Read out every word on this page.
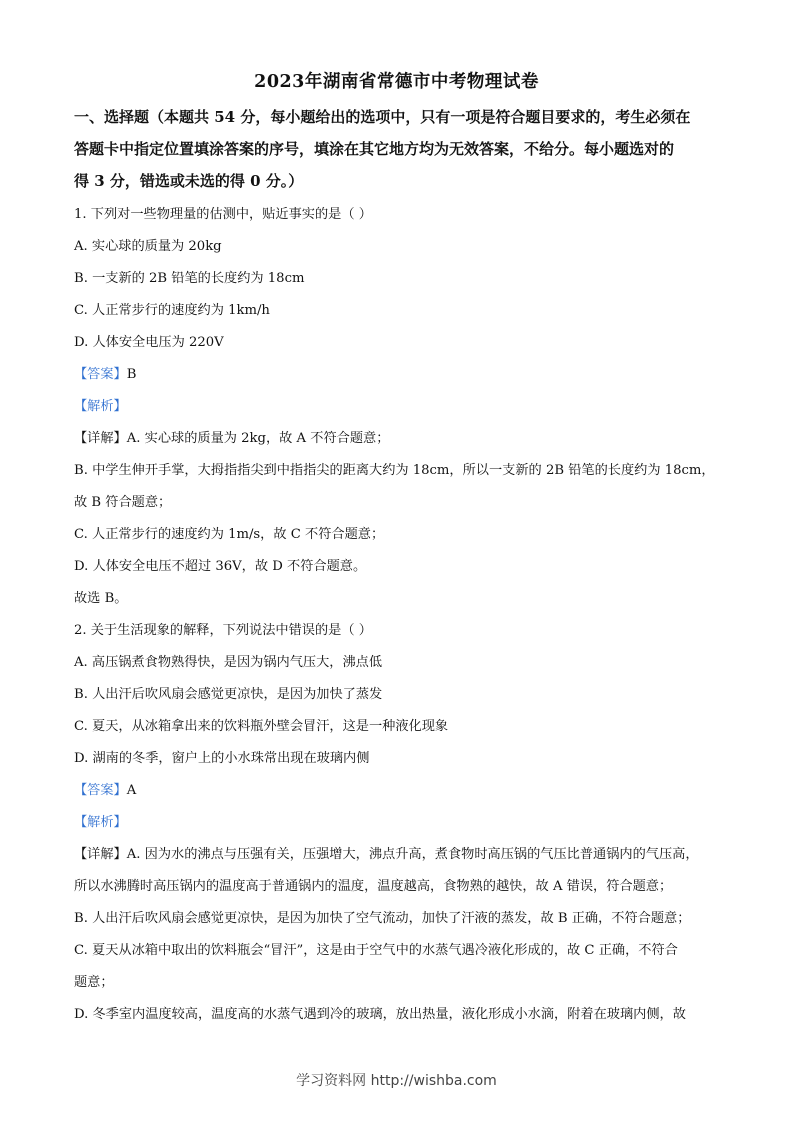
2023年湖南省常德市中考物理试卷
一、选择题（本题共 54 分，每小题给出的选项中，只有一项是符合题目要求的，考生必须在
答题卡中指定位置填涂答案的序号，填涂在其它地方均为无效答案，不给分。每小题选对的
得 3 分，错选或未选的得 0 分。）
1. 下列对一些物理量的估测中，贴近事实的是（ ）
A. 实心球的质量为 20kg
B. 一支新的 2B 铅笔的长度约为 18cm
C. 人正常步行的速度约为 1km/h
D. 人体安全电压为 220V
【答案】B
【解析】
【详解】A. 实心球的质量为 2kg，故 A 不符合题意；
B. 中学生伸开手掌，大拇指指尖到中指指尖的距离大约为 18cm，所以一支新的 2B 铅笔的长度约为 18cm，
故 B 符合题意；
C. 人正常步行的速度约为 1m/s，故 C 不符合题意；
D. 人体安全电压不超过 36V，故 D 不符合题意。
故选 B。
2. 关于生活现象的解释，下列说法中错误的是（ ）
A. 高压锅煮食物熟得快，是因为锅内气压大，沸点低
B. 人出汗后吹风扇会感觉更凉快，是因为加快了蒸发
C. 夏天，从冰箱拿出来的饮料瓶外壁会冒汗，这是一种液化现象
D. 湖南的冬季，窗户上的小水珠常出现在玻璃内侧
【答案】A
【解析】
【详解】A. 因为水的沸点与压强有关，压强增大，沸点升高，煮食物时高压锅的气压比普通锅内的气压高，
所以水沸腾时高压锅内的温度高于普通锅内的温度，温度越高，食物熟的越快，故 A 错误，符合题意；
B. 人出汗后吹风扇会感觉更凉快，是因为加快了空气流动，加快了汗液的蒸发，故 B 正确，不符合题意；
C. 夏天从冰箱中取出的饮料瓶会“冒汗”，这是由于空气中的水蒸气遇冷液化形成的，故 C 正确，不符合
题意；
D. 冬季室内温度较高，温度高的水蒸气遇到冷的玻璃，放出热量，液化形成小水滴，附着在玻璃内侧，故
学习资料网 http://wishba.com
